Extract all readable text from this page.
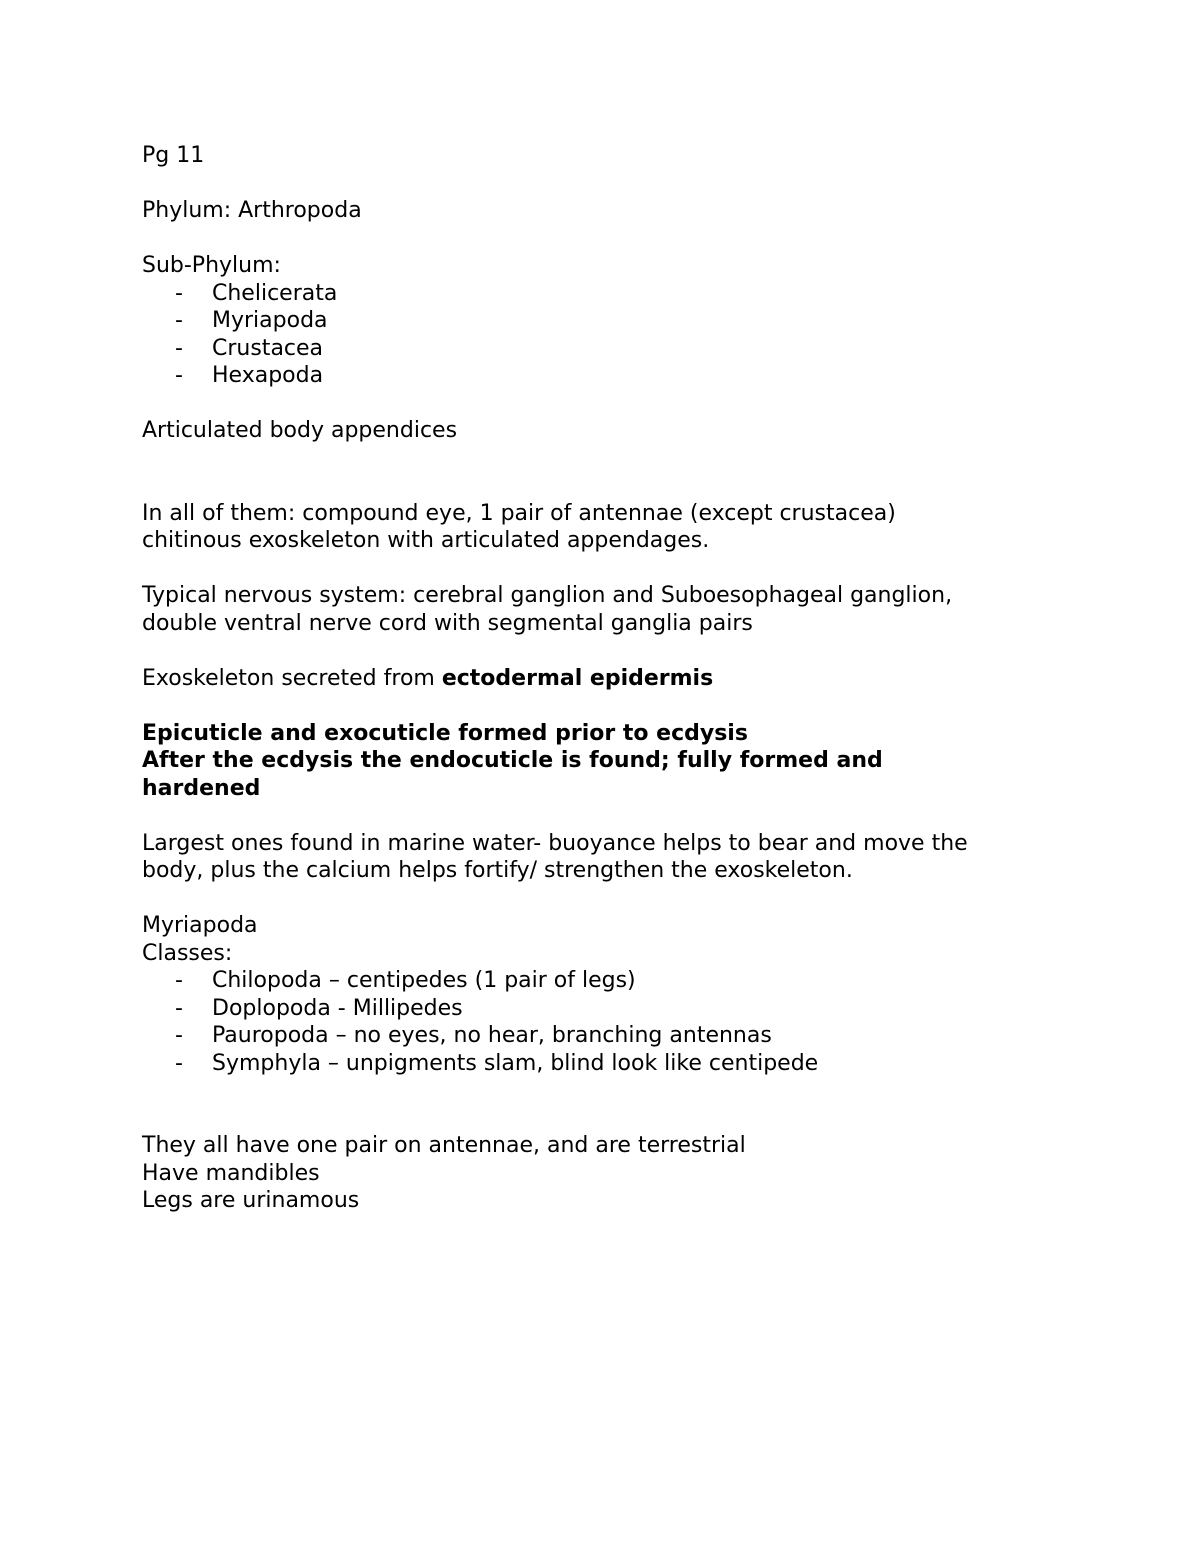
Pg 11

Phylum: Arthropoda

Sub-Phylum:

- Chelicerata
- Myriapoda
- Crustacea
- Hexapoda

Articulated body appendices

In all of them: compound eye, 1 pair of antennae (except crustacea)

chitinous exoskeleton with articulated appendages.

Typical nervous system: cerebral ganglion and Suboesophageal ganglion,

double ventral nerve cord with segmental ganglia pairs

Exoskeleton secreted from ectodermal epidermis

Epicuticle and exocuticle formed prior to ecdysis

After the ecdysis the endocuticle is found; fully formed and

hardened

Largest ones found in marine water- buoyance helps to bear and move the

body, plus the calcium helps fortify/ strengthen the exoskeleton.

Myriapoda

Classes:

- Chilopoda – centipedes (1 pair of legs)
- Doplopoda - Millipedes
- Pauropoda – no eyes, no hear, branching antennas
- Symphyla – unpigments slam, blind look like centipede

They all have one pair on antennae, and are terrestrial

Have mandibles

Legs are urinamous
